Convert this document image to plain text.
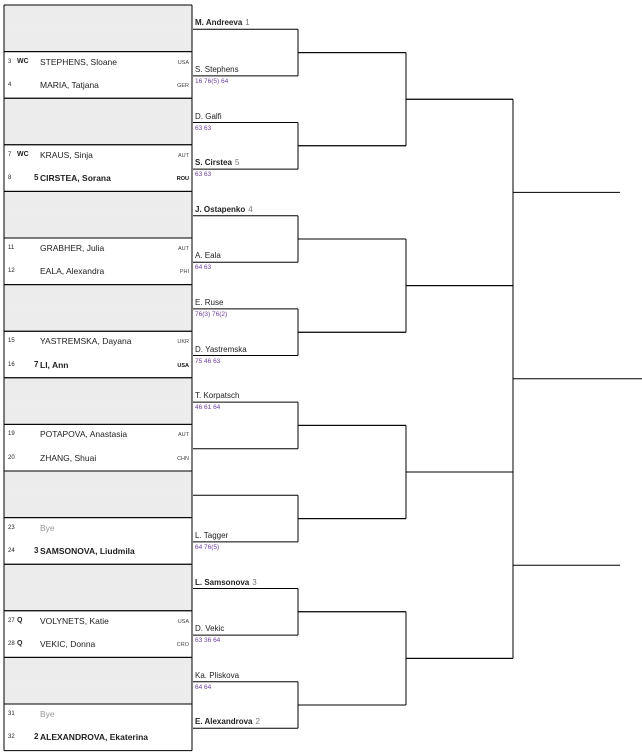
3 WC STEPHENS, Sloane	USA
4	MARIA, Tatjana	GER
7 WC KRAUS, Sinja	AUT
8	5 CIRSTEA, Sorana	ROU
11	GRABHER, Julia	AUT
12	EALA, Alexandra	PHI
15	YASTREMSKA, Dayana	UKR
16 7 LI, Ann	USA
19	POTAPOVA, Anastasia	AUT
20	ZHANG, Shuai	CHN
23	Bye
24 3 SAMSONOVA, Liudmila
27 Q VOLYNETS, Katie	USA
28 Q VEKIC, Donna	CRO
31	Bye
32 2 ALEXANDROVA, Ekaterina
M. Andreeva 1
S. Stephens
16 76(5) 64
D. Galfi
63 63
S. Cirstea 5
63 63
J. Ostapenko 4
A. Eala
64 63
E. Ruse
76(3) 76(2)
D. Yastremska
75 46 63
T. Korpatsch
46 61 64
L. Tagger
64 76(5)
L. Samsonova 3
D. Vekic
63 36 64
Ka. Pliskova
64 64
E. Alexandrova 2
